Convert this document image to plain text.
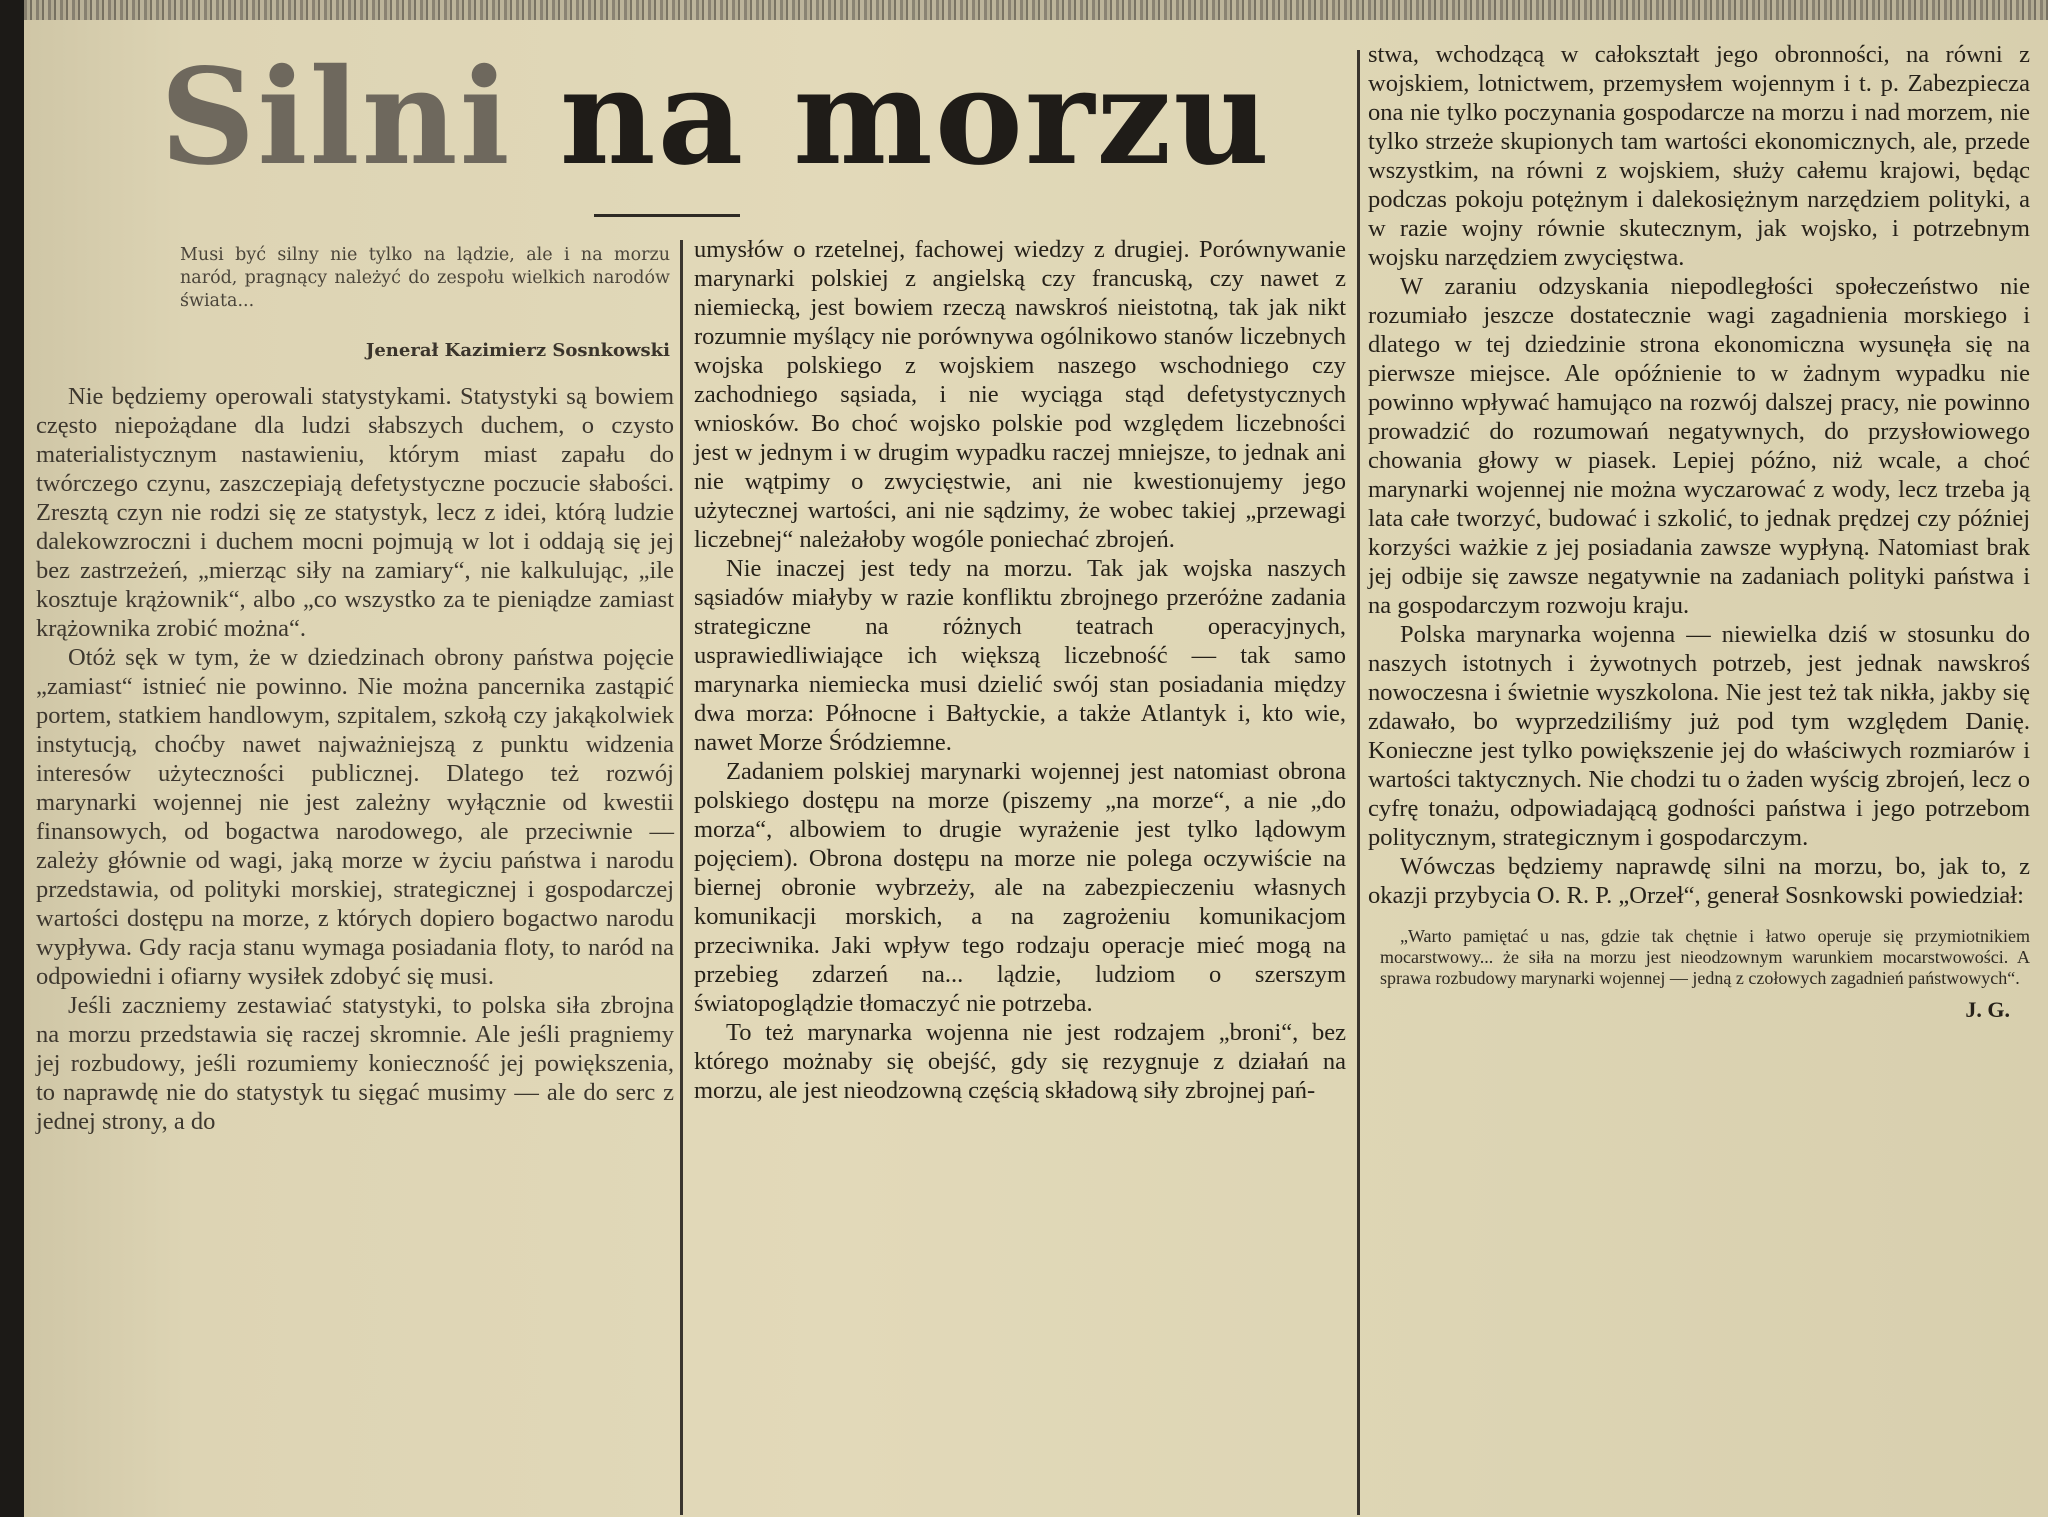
Silni na morzu

Musi być silny nie tylko na lądzie, ale i na morzu naród, pragnący należyć do zespołu wielkich narodów świata...

Jenerał Kazimierz Sosnkowski

Nie będziemy operowali statystykami. Statystyki są bowiem często niepożądane dla ludzi słabszych duchem, o czysto materialistycznym nastawieniu, którym miast zapału do twórczego czynu, zaszczepiają defetystyczne poczucie słabości. Zresztą czyn nie rodzi się ze statystyk, lecz z idei, którą ludzie dalekowzroczni i duchem mocni pojmują w lot i oddają się jej bez zastrzeżeń, „mierząc siły na zamiary“, nie kalkulując, „ile kosztuje krążownik“, albo „co wszystko za te pieniądze zamiast krążownika zrobić można“.

Otóż sęk w tym, że w dziedzinach obrony państwa pojęcie „zamiast“ istnieć nie powinno. Nie można pancernika zastąpić portem, statkiem handlowym, szpitalem, szkołą czy jakąkolwiek instytucją, choćby nawet najważniejszą z punktu widzenia interesów użyteczności publicznej. Dlatego też rozwój marynarki wojennej nie jest zależny wyłącznie od kwestii finansowych, od bogactwa narodowego, ale przeciwnie — zależy głównie od wagi, jaką morze w życiu państwa i narodu przedstawia, od polityki morskiej, strategicznej i gospodarczej wartości dostępu na morze, z których dopiero bogactwo narodu wypływa. Gdy racja stanu wymaga posiadania floty, to naród na odpowiedni i ofiarny wysiłek zdobyć się musi.

Jeśli zaczniemy zestawiać statystyki, to polska siła zbrojna na morzu przedstawia się raczej skromnie. Ale jeśli pragniemy jej rozbudowy, jeśli rozumiemy konieczność jej powiększenia, to naprawdę nie do statystyk tu sięgać musimy — ale do serc z jednej strony, a do

umysłów o rzetelnej, fachowej wiedzy z drugiej. Porównywanie marynarki polskiej z angielską czy francuską, czy nawet z niemiecką, jest bowiem rzeczą nawskroś nieistotną, tak jak nikt rozumnie myślący nie porównywa ogólnikowo stanów liczebnych wojska polskiego z wojskiem naszego wschodniego czy zachodniego sąsiada, i nie wyciąga stąd defetystycznych wniosków. Bo choć wojsko polskie pod względem liczebności jest w jednym i w drugim wypadku raczej mniejsze, to jednak ani nie wątpimy o zwycięstwie, ani nie kwestionujemy jego użytecznej wartości, ani nie sądzimy, że wobec takiej „przewagi liczebnej“ należałoby wogóle poniechać zbrojeń.

Nie inaczej jest tedy na morzu. Tak jak wojska naszych sąsiadów miałyby w razie konfliktu zbrojnego przeróżne zadania strategiczne na różnych teatrach operacyjnych, usprawiedliwiające ich większą liczebność — tak samo marynarka niemiecka musi dzielić swój stan posiadania między dwa morza: Północne i Bałtyckie, a także Atlantyk i, kto wie, nawet Morze Śródziemne.

Zadaniem polskiej marynarki wojennej jest natomiast obrona polskiego dostępu na morze (piszemy „na morze“, a nie „do morza“, albowiem to drugie wyrażenie jest tylko lądowym pojęciem). Obrona dostępu na morze nie polega oczywiście na biernej obronie wybrzeży, ale na zabezpieczeniu własnych komunikacji morskich, a na zagrożeniu komunikacjom przeciwnika. Jaki wpływ tego rodzaju operacje mieć mogą na przebieg zdarzeń na... lądzie, ludziom o szerszym światopoglądzie tłomaczyć nie potrzeba.

To też marynarka wojenna nie jest rodzajem „broni“, bez którego możnaby się obejść, gdy się rezygnuje z działań na morzu, ale jest nieodzowną częścią składową siły zbrojnej pań-

stwa, wchodzącą w całokształt jego obronności, na równi z wojskiem, lotnictwem, przemysłem wojennym i t. p. Zabezpiecza ona nie tylko poczynania gospodarcze na morzu i nad morzem, nie tylko strzeże skupionych tam wartości ekonomicznych, ale, przede wszystkim, na równi z wojskiem, służy całemu krajowi, będąc podczas pokoju potężnym i dalekosiężnym narzędziem polityki, a w razie wojny równie skutecznym, jak wojsko, i potrzebnym wojsku narzędziem zwycięstwa.

W zaraniu odzyskania niepodległości społeczeństwo nie rozumiało jeszcze dostatecznie wagi zagadnienia morskiego i dlatego w tej dziedzinie strona ekonomiczna wysunęła się na pierwsze miejsce. Ale opóźnienie to w żadnym wypadku nie powinno wpływać hamująco na rozwój dalszej pracy, nie powinno prowadzić do rozumowań negatywnych, do przysłowiowego chowania głowy w piasek. Lepiej późno, niż wcale, a choć marynarki wojennej nie można wyczarować z wody, lecz trzeba ją lata całe tworzyć, budować i szkolić, to jednak prędzej czy później korzyści ważkie z jej posiadania zawsze wypłyną. Natomiast brak jej odbije się zawsze negatywnie na zadaniach polityki państwa i na gospodarczym rozwoju kraju.

Polska marynarka wojenna — niewielka dziś w stosunku do naszych istotnych i żywotnych potrzeb, jest jednak nawskroś nowoczesna i świetnie wyszkolona. Nie jest też tak nikła, jakby się zdawało, bo wyprzedziliśmy już pod tym względem Danię. Konieczne jest tylko powiększenie jej do właściwych rozmiarów i wartości taktycznych. Nie chodzi tu o żaden wyścig zbrojeń, lecz o cyfrę tonażu, odpowiadającą godności państwa i jego potrzebom politycznym, strategicznym i gospodarczym.

Wówczas będziemy naprawdę silni na morzu, bo, jak to, z okazji przybycia O. R. P. „Orzeł“, generał Sosnkowski powiedział:

„Warto pamiętać u nas, gdzie tak chętnie i łatwo operuje się przymiotnikiem mocarstwowy... że siła na morzu jest nieodzownym warunkiem mocarstwowości. A sprawa rozbudowy marynarki wojennej — jedną z czołowych zagadnień państwowych“.

J. G.
